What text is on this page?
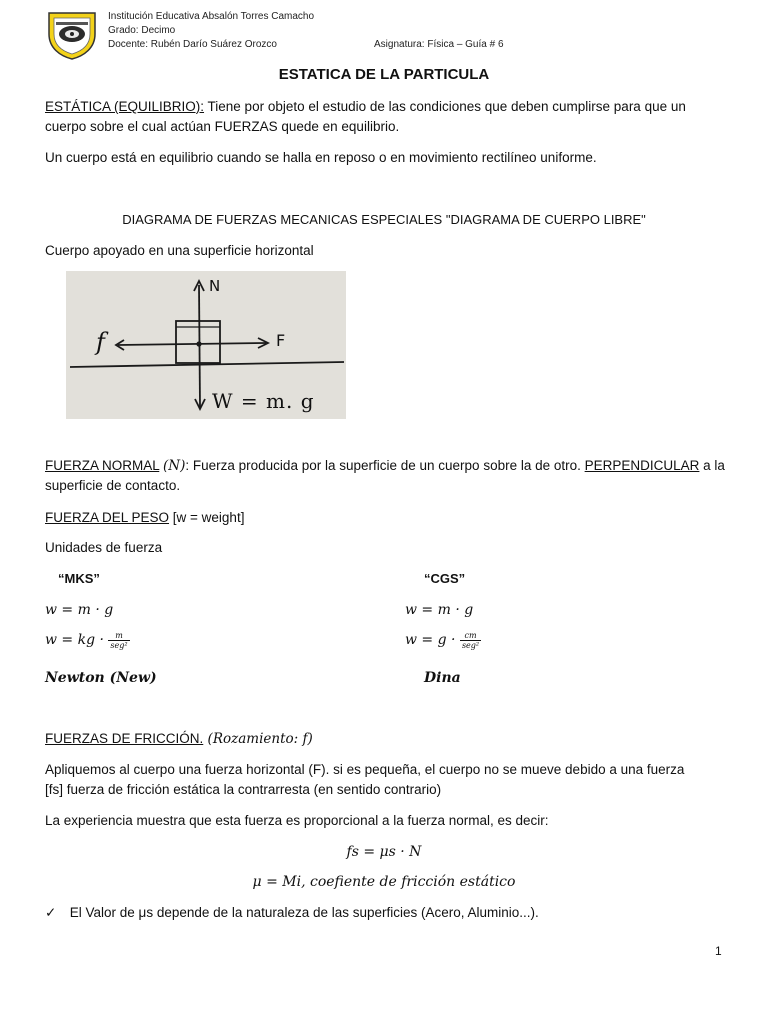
Institución Educativa Absalón Torres Camacho
Grado: Decimo
Docente: Rubén Darío Suárez Orozco	Asignatura: Física – Guía # 6
ESTATICA DE LA PARTICULA
ESTÁTICA (EQUILIBRIO): Tiene por objeto el estudio de las condiciones que deben cumplirse para que un
cuerpo sobre el cual actúan FUERZAS quede en equilibrio.
Un cuerpo está en equilibrio cuando se halla en reposo o en movimiento rectilíneo uniforme.
DIAGRAMA DE FUERZAS MECANICAS ESPECIALES "DIAGRAMA DE CUERPO LIBRE"
Cuerpo apoyado en una superficie horizontal
N
f	F
W = m. g
FUERZA NORMAL (N): Fuerza producida por la superficie de un cuerpo sobre la de otro. PERPENDICULAR a la
superficie de contacto.
FUERZA DEL PESO [w = weight]
Unidades de fuerza
“MKS”
w = m · g
w = kg · $\frac{m}{\text{seg²}}$
Newton (New)
“CGS”
w = m · g
$w = g \cdot \frac{cm}{\text{seg²}}$
Dina
FUERZAS DE FRICCIÓN. (Rozamiento: f)
Apliquemos al cuerpo una fuerza horizontal (F). si es pequeña, el cuerpo no se mueve debido a una fuerza
[fs] fuerza de fricción estática la contrarresta (en sentido contrario)
La experiencia muestra que esta fuerza es proporcional a la fuerza normal, es decir:
fs = μs · N
μ = Mi, coefiente de fricción estático
✓ El Valor de μs depende de la naturaleza de las superficies (Acero, Aluminio...).
1
